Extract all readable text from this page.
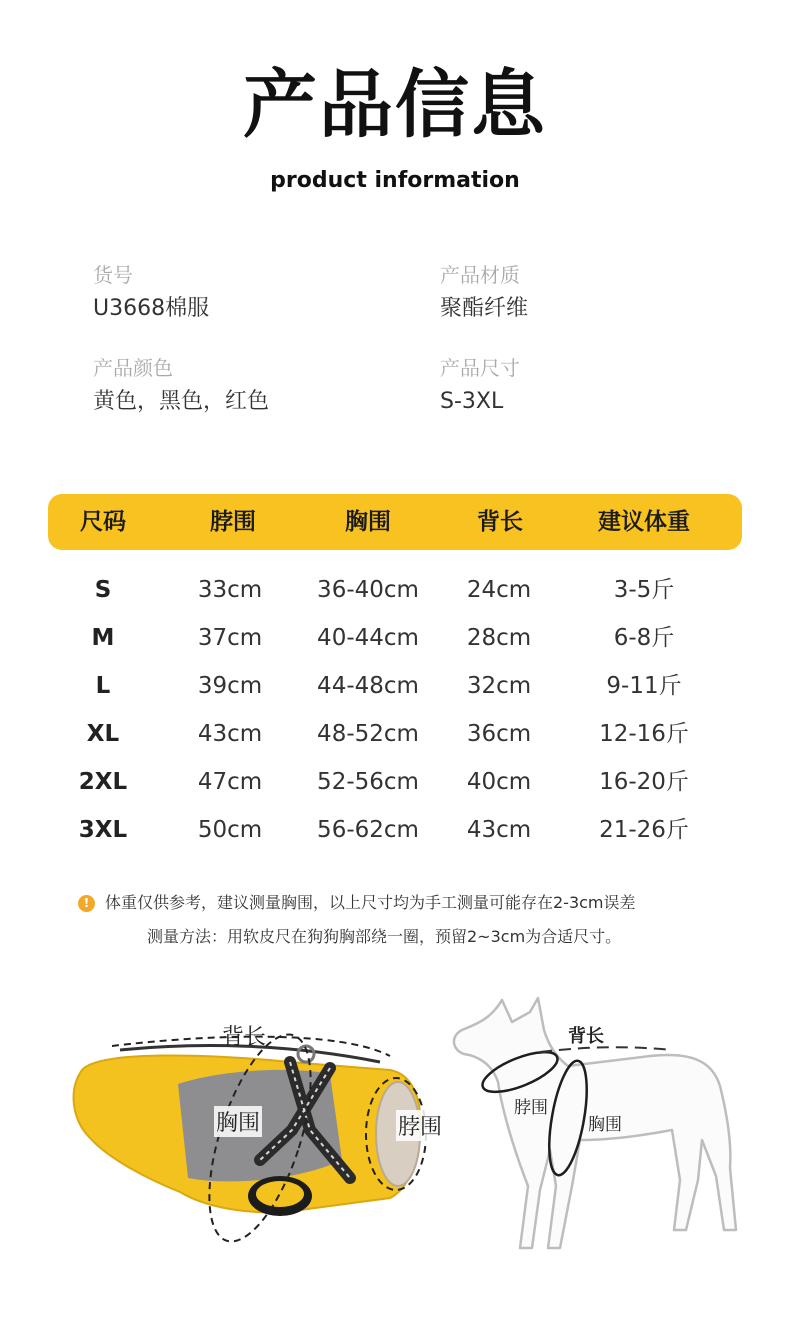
产品信息
product information
货号
U3668棉服
产品材质
聚酯纤维
产品颜色
黄色，黑色，红色
产品尺寸
S-3XL
尺码	脖围	胸围	背长	建议体重
S	33cm 36-40cm 24cm	3-5斤
M	37cm 40-44cm 28cm	6-8斤
L	39cm 44-48cm 32cm	9-11斤
XL	43cm 48-52cm 36cm	12-16斤
2XL	47cm 52-56cm 40cm	16-20斤
3XL	50cm 56-62cm 43cm	21-26斤
! 体重仅供参考，建议测量胸围，以上尺寸均为手工测量可能存在2-3cm误差
测量方法：用软皮尺在狗狗胸部绕一圈，预留2~3cm为合适尺寸。
背长
胸围	脖围
背长
脖围
胸围
